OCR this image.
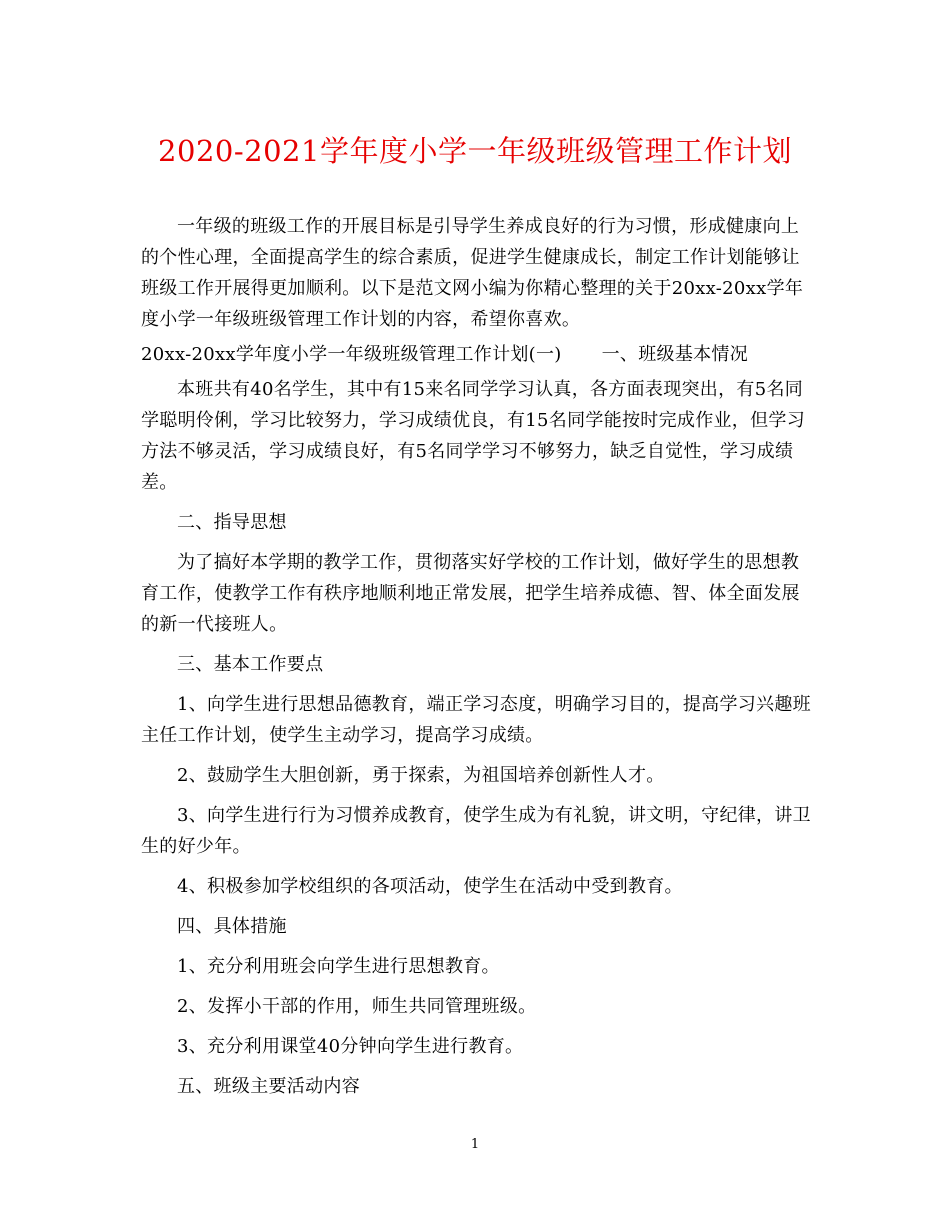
2020-2021学年度小学一年级班级管理工作计划

一年级的班级工作的开展目标是引导学生养成良好的行为习惯，形成健康向上的个性心理，全面提高学生的综合素质，促进学生健康成长，制定工作计划能够让班级工作开展得更加顺利。以下是范文网小编为你精心整理的关于20xx-20xx学年度小学一年级班级管理工作计划的内容，希望你喜欢。

20xx-20xx学年度小学一年级班级管理工作计划(一) 一、班级基本情况

本班共有40名学生，其中有15来名同学学习认真，各方面表现突出，有5名同学聪明伶俐，学习比较努力，学习成绩优良，有15名同学能按时完成作业，但学习方法不够灵活，学习成绩良好，有5名同学学习不够努力，缺乏自觉性，学习成绩差。

二、指导思想

为了搞好本学期的教学工作，贯彻落实好学校的工作计划，做好学生的思想教育工作，使教学工作有秩序地顺利地正常发展，把学生培养成德、智、体全面发展的新一代接班人。

三、基本工作要点

1、向学生进行思想品德教育，端正学习态度，明确学习目的，提高学习兴趣班主任工作计划，使学生主动学习，提高学习成绩。

2、鼓励学生大胆创新，勇于探索，为祖国培养创新性人才。

3、向学生进行行为习惯养成教育，使学生成为有礼貌，讲文明，守纪律，讲卫生的好少年。

4、积极参加学校组织的各项活动，使学生在活动中受到教育。

四、具体措施

1、充分利用班会向学生进行思想教育。

2、发挥小干部的作用，师生共同管理班级。

3、充分利用课堂40分钟向学生进行教育。

五、班级主要活动内容

1
